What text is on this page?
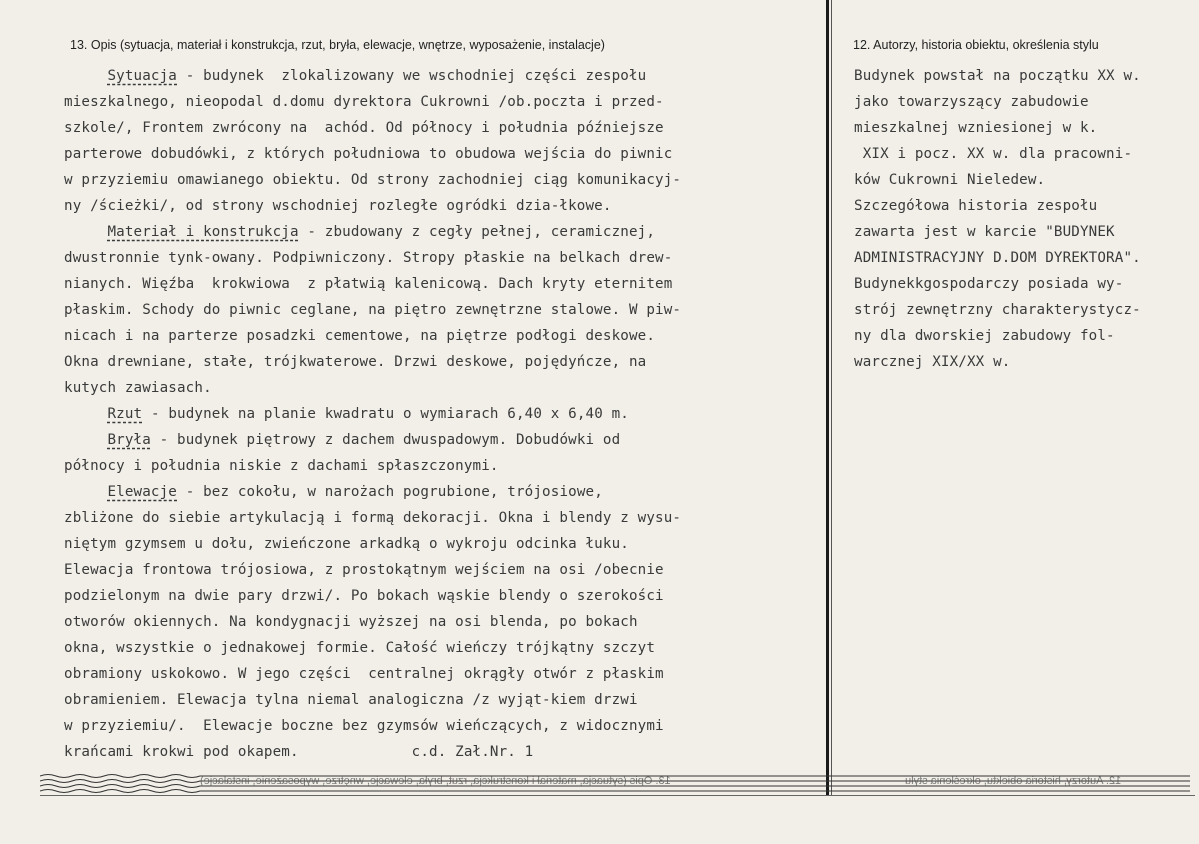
13. Opis (sytuacja, materiał i konstrukcja, rzut, bryła, elewacje, wnętrze, wyposażenie, instalacje)	12. Autorzy, historia obiektu, określenia stylu
Sytuacja - budynek  zlokalizowany we wschodniej części zespołu
mieszkalnego, nieopodal d.domu dyrektora Cukrowni /ob.poczta i przed-
szkole/, Frontem zwrócony na  achód. Od północy i południa późniejsze
parterowe dobudówki, z których południowa to obudowa wejścia do piwnic
w przyziemiu omawianego obiektu. Od strony zachodniej ciąg komunikacyj-
ny /ścieżki/, od strony wschodniej rozległe ogródki dzia-łkowe.
Materiał i konstrukcja - zbudowany z cegły pełnej, ceramicznej,
dwustronnie tynk-owany. Podpiwniczony. Stropy płaskie na belkach drew-
nianych. Więźba  krokwiowa  z płatwią kalenicową. Dach kryty eternitem
płaskim. Schody do piwnic ceglane, na piętro zewnętrzne stalowe. W piw-
nicach i na parterze posadzki cementowe, na piętrze podłogi deskowe.
Okna drewniane, stałe, trójkwaterowe. Drzwi deskowe, pojędyńcze, na
kutych zawiasach.
Rzut - budynek na planie kwadratu o wymiarach 6,40 x 6,40 m.
Bryła - budynek piętrowy z dachem dwuspadowym. Dobudówki od
północy i południa niskie z dachami spłaszczonymi.
Elewacje - bez cokołu, w narożach pogrubione, trójosiowe,
zbliżone do siebie artykulacją i formą dekoracji. Okna i blendy z wysu-
niętym gzymsem u dołu, zwieńczone arkadką o wykroju odcinka łuku.
Elewacja frontowa trójosiowa, z prostokątnym wejściem na osi /obecnie
podzielonym na dwie pary drzwi/. Po bokach wąskie blendy o szerokości
otworów okiennych. Na kondygnacji wyższej na osi blenda, po bokach
okna, wszystkie o jednakowej formie. Całość wieńczy trójkątny szczyt
obramiony uskokowo. W jego części  centralnej okrągły otwór z płaskim
obramieniem. Elewacja tylna niemal analogiczna /z wyjąt-kiem drzwi
w przyziemiu/.  Elewacje boczne bez gzymsów wieńczących, z widocznymi
krańcami krokwi pod okapem.             c.d. Zał.Nr. 1
Budynek powstał na początku XX w.
jako towarzyszący zabudowie
mieszkalnej wzniesionej w k.
XIX i pocz. XX w. dla pracowni-
ków Cukrowni Nieledew.
Szczegółowa historia zespołu
zawarta jest w karcie "BUDYNEK
ADMINISTRACYJNY D.DOM DYREKTORA".
Budynekkgospodarczy posiada wy-
strój zewnętrzny charakterystycz-
ny dla dworskiej zabudowy fol-
warcznej XIX/XX w.
13. Opis (sytuacja, materiał i konstrukcja, rzut, bryła, elewacje, wnętrze, wyposażenie, instalacje)	12. Autorzy, historia obiektu, określenia stylu
